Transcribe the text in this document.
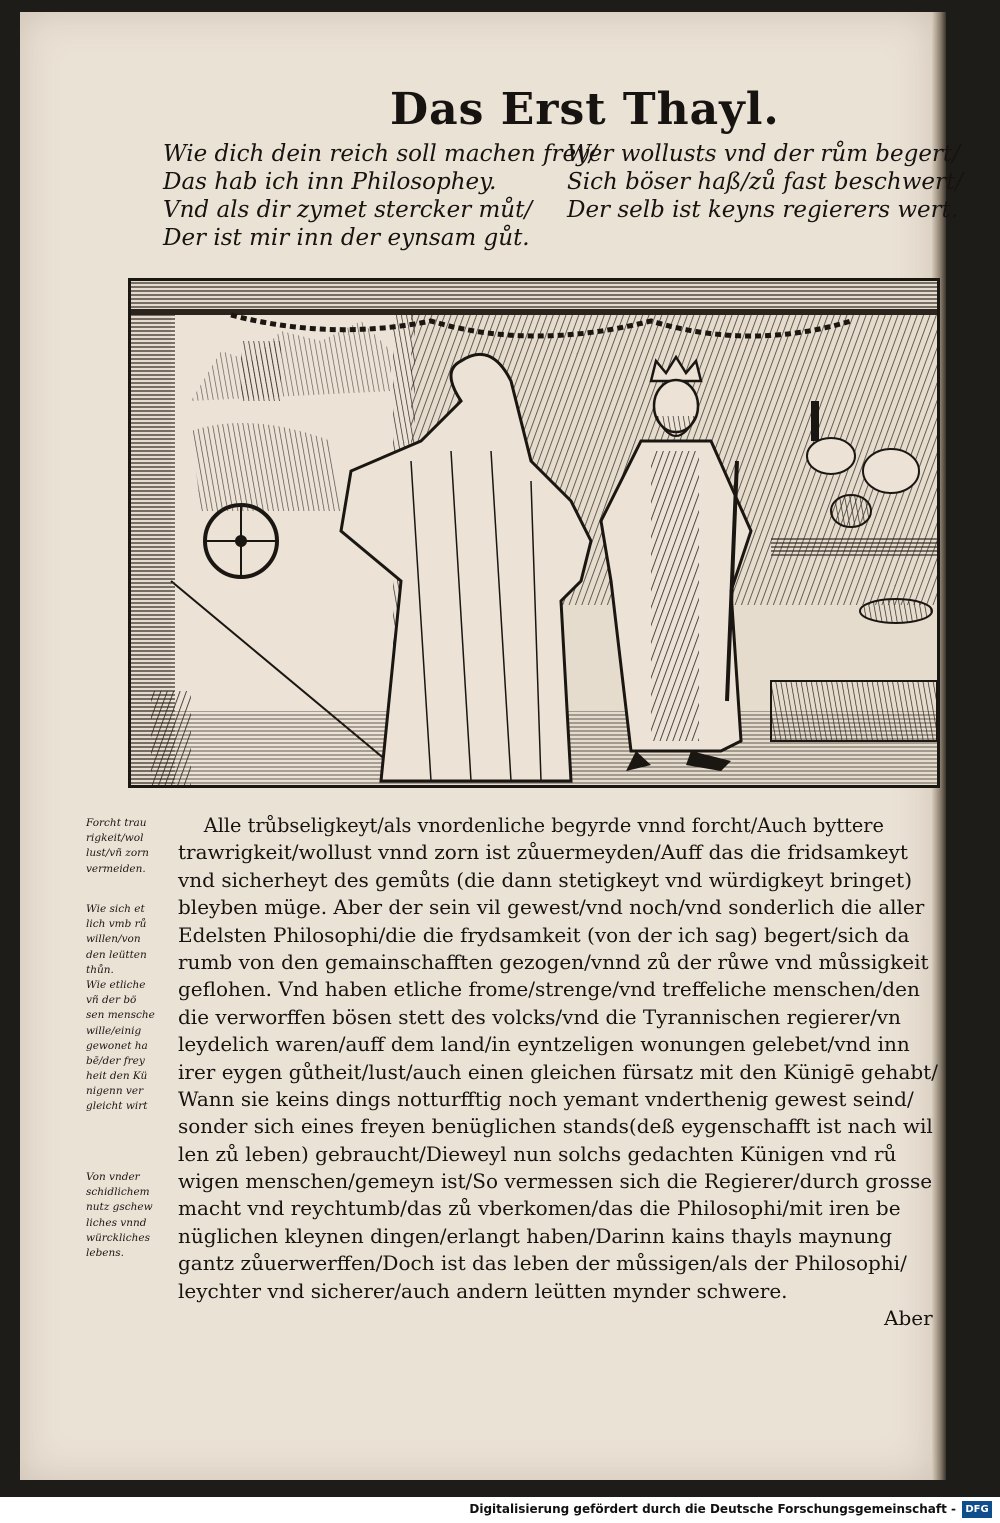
Das Erst Thayl.
Wie dich dein reich soll machen frey/
Das hab ich inn Philosophey.
Vnd als dir zymet stercker můt/
Der ist mir inn der eynsam gůt.
Wer wollusts vnd der rům begert/
Sich böser haß/zů fast beschwert/
Der selb ist keyns regierers wert.
Forcht trau
rigkeit/wol
lust/vñ zorn
vermeiden.
Wie sich et
lich vmb rů
willen/von
den leütten
thůn.
Wie etliche
vñ der bö
sen mensche
wille/einig
gewonet ha
bē/der frey
heit den Kü
nigenn ver
gleicht wirt
Von vnder
schidlichem
nutz gschew
liches vnnd
würckliches
lebens.
Alle trůbseligkeyt/als vnordenliche begyrde vnnd forcht/Auch byttere
trawrigkeit/wollust vnnd zorn ist zůuermeyden/Auff das die fridsamkeyt
vnd sicherheyt des gemůts (die dann stetigkeyt vnd würdigkeyt bringet)
bleyben müge. Aber der sein vil gewest/vnd noch/vnd sonderlich die aller
Edelsten Philosophi/die die frydsamkeit (von der ich sag) begert/sich da
rumb von den gemainschafften gezogen/vnnd zů der růwe vnd můssigkeit
geflohen. Vnd haben etliche frome/strenge/vnd treffeliche menschen/den
die verworffen bösen stett des volcks/vnd die Tyrannischen regierer/vn
leydelich waren/auff dem land/in eyntzeligen wonungen gelebet/vnd inn
irer eygen gůtheit/lust/auch einen gleichen fürsatz mit den Künigē gehabt/
Wann sie keins dings notturfftig noch yemant vnderthenig gewest seind/
sonder sich eines freyen benüglichen stands(deß eygenschafft ist nach wil
len zů leben) gebraucht/Dieweyl nun solchs gedachten Künigen vnd rů
wigen menschen/gemeyn ist/So vermessen sich die Regierer/durch grosse
macht vnd reychtumb/das zů vberkomen/das die Philosophi/mit iren be
nüglichen kleynen dingen/erlangt haben/Darinn kains thayls maynung
gantz zůuerwerffen/Doch ist das leben der můssigen/als der Philosophi/
leychter vnd sicherer/auch andern leütten mynder schwere.
Aber
Digitalisierung gefördert durch die Deutsche Forschungsgemeinschaft - DFG
